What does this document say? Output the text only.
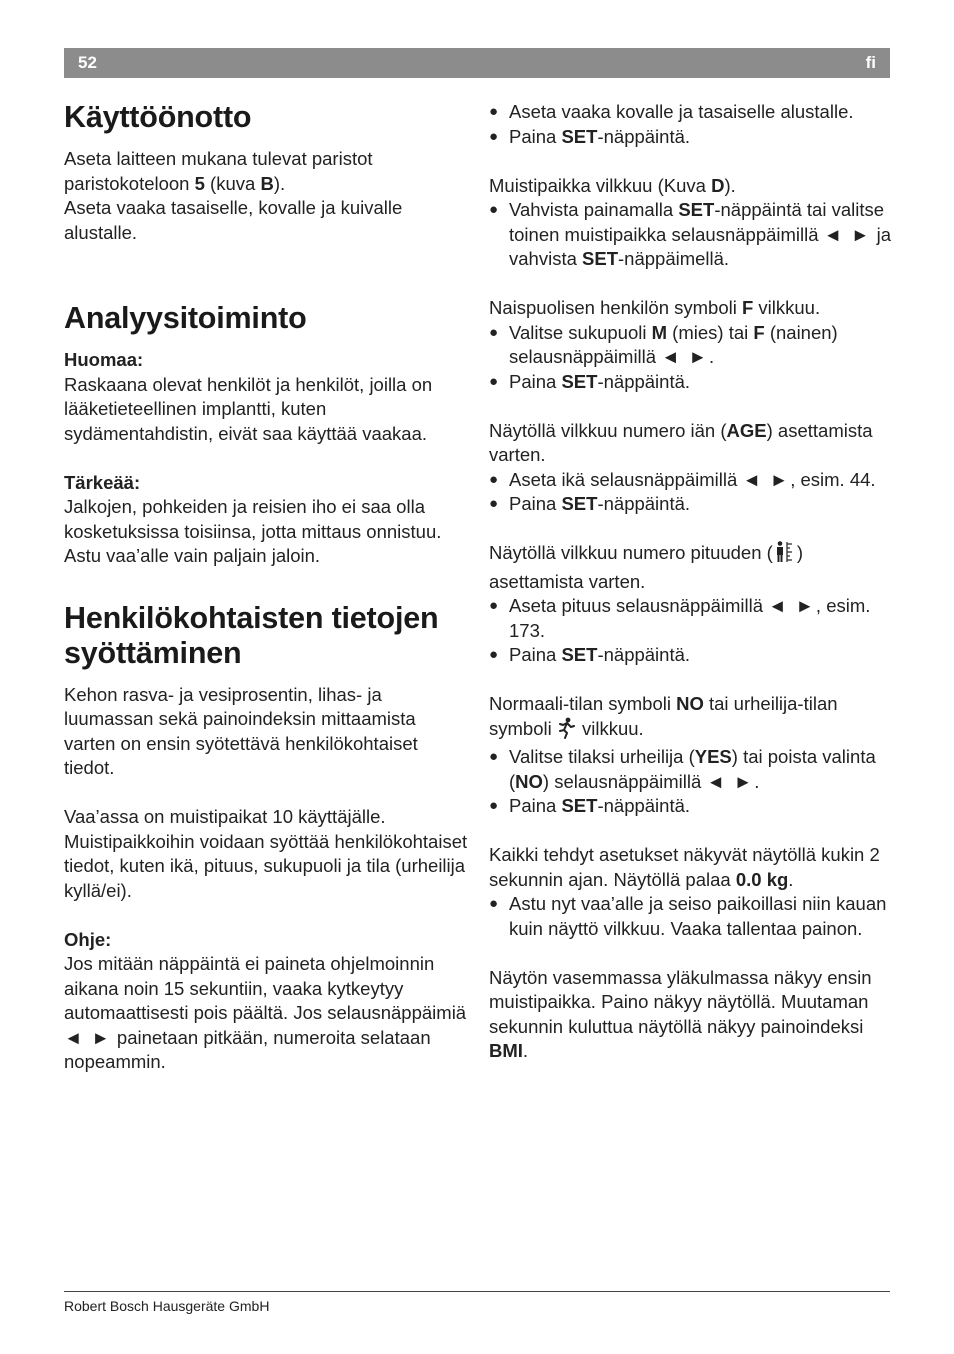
52	fi
Käyttöönotto

Aseta laitteen mukana tulevat paristot paristokoteloon 5 (kuva B).

Aseta vaaka tasaiselle, kovalle ja kuivalle alustalle.

Analyysitoiminto

Huomaa:

Raskaana olevat henkilöt ja henkilöt, joilla on lääketieteellinen implantti, kuten sydämentahdistin, eivät saa käyttää vaakaa.

Tärkeää:

Jalkojen, pohkeiden ja reisien iho ei saa olla kosketuksissa toisiinsa, jotta mittaus onnistuu. Astu vaa’alle vain paljain jaloin.

Henkilökohtaisten tietojen syöttäminen

Kehon rasva- ja vesiprosentin, lihas- ja luumassan sekä painoindeksin mittaamista varten on ensin syötettävä henkilökohtaiset tiedot.

Vaa’assa on muistipaikat 10 käyttäjälle. Muistipaikkoihin voidaan syöttää henkilökohtaiset tiedot, kuten ikä, pituus, sukupuoli ja tila (urheilija kyllä/ei).

Ohje:

Jos mitään näppäintä ei paineta ohjelmoinnin aikana noin 15 sekuntiin, vaaka kytkeytyy automaattisesti pois päältä. Jos selausnäppäimiä ◄ ► painetaan pitkään, numeroita selataan nopeammin.

● Aseta vaaka kovalle ja tasaiselle alustalle.

● Paina SET-näppäintä.

Muistipaikka vilkkuu (Kuva D).

● Vahvista painamalla SET-näppäintä tai valitse toinen muistipaikka selausnäppäimillä ◄ ► ja vahvista SET-näppäimellä.

Naispuolisen henkilön symboli F vilkkuu.

● Valitse sukupuoli M (mies) tai F (nainen) selausnäppäimillä ◄ ►.

● Paina SET-näppäintä.

Näytöllä vilkkuu numero iän (AGE) asettamista varten.

● Aseta ikä selausnäppäimillä ◄ ►, esim. 44.

● Paina SET-näppäintä.

Näytöllä vilkkuu numero pituuden ( ) asettamista varten.

● Aseta pituus selausnäppäimillä ◄ ►, esim. 173.

● Paina SET-näppäintä.

Normaali-tilan symboli NO tai urheilija-tilan symboli  vilkkuu.

● Valitse tilaksi urheilija (YES) tai poista valinta (NO) selausnäppäimillä ◄ ►.

● Paina SET-näppäintä.

Kaikki tehdyt asetukset näkyvät näytöllä kukin 2 sekunnin ajan. Näytöllä palaa 0.0 kg.

● Astu nyt vaa’alle ja seiso paikoillasi niin kauan kuin näyttö vilkkuu. Vaaka tallentaa painon.

Näytön vasemmassa yläkulmassa näkyy ensin muistipaikka. Paino näkyy näytöllä. Muutaman sekunnin kuluttua näytöllä näkyy painoindeksi BMI.

Robert Bosch Hausgeräte GmbH
